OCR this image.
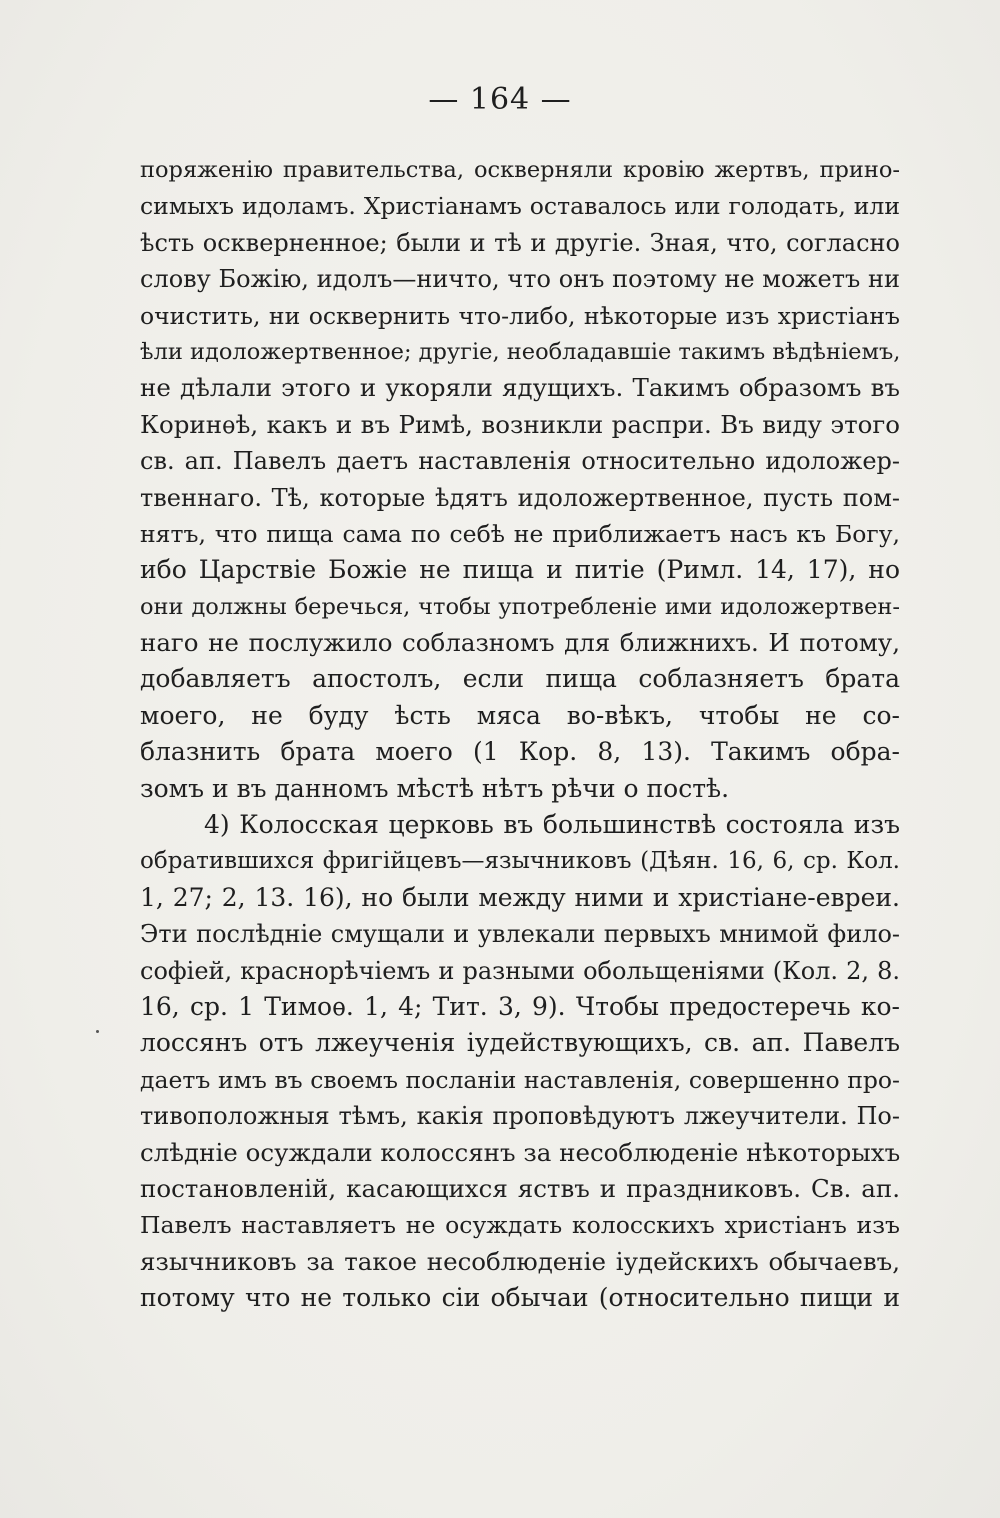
— 164 —
поряженію правительства, оскверняли кровію жертвъ, прино-
симыхъ идоламъ. Христіанамъ оставалось или голодать, или
ѣсть оскверненное; были и тѣ и другіе. Зная, что, согласно
слову Божію, идолъ—ничто, что онъ поэтому не можетъ ни
очистить, ни осквернить что-либо, нѣкоторые изъ христіанъ
ѣли идоложертвенное; другіе, необладавшіе такимъ вѣдѣніемъ,
не дѣлали этого и укоряли ядущихъ. Такимъ образомъ въ
Коринѳѣ, какъ и въ Римѣ, возникли распри. Въ виду этого
св. ап. Павелъ даетъ наставленія относительно идоложер-
твеннаго. Тѣ, которые ѣдятъ идоложертвенное, пусть пом-
нятъ, что пища сама по себѣ не приближаетъ насъ къ Богу,
ибо Царствіе Божіе не пища и питіе (Римл. 14, 17), но
они должны беречься, чтобы употребленіе ими идоложертвен-
наго не послужило соблазномъ для ближнихъ. И потому,
добавляетъ апостолъ, если пища соблазняетъ брата
моего, не буду ѣсть мяса во-вѣкъ, чтобы не со-
блазнить брата моего (1 Кор. 8, 13). Такимъ обра-
зомъ и въ данномъ мѣстѣ нѣтъ рѣчи о постѣ.
4) Колосская церковь въ большинствѣ состояла изъ
обратившихся фригійцевъ—язычниковъ (Дѣян. 16, 6, ср. Кол.
1, 27; 2, 13. 16), но были между ними и христіане-евреи.
Эти послѣдніе смущали и увлекали первыхъ мнимой фило-
софіей, краснорѣчіемъ и разными обольщеніями (Кол. 2, 8.
16, ср. 1 Тимоѳ. 1, 4; Тит. 3, 9). Чтобы предостеречь ко-
лоссянъ отъ лжеученія іудействующихъ, св. ап. Павелъ
даетъ имъ въ своемъ посланіи наставленія, совершенно про-
тивоположныя тѣмъ, какія проповѣдуютъ лжеучители. По-
слѣдніе осуждали колоссянъ за несоблюденіе нѣкоторыхъ
постановленій, касающихся яствъ и праздниковъ. Св. ап.
Павелъ наставляетъ не осуждать колосскихъ христіанъ изъ
язычниковъ за такое несоблюденіе іудейскихъ обычаевъ,
потому что не только сіи обычаи (относительно пищи и
